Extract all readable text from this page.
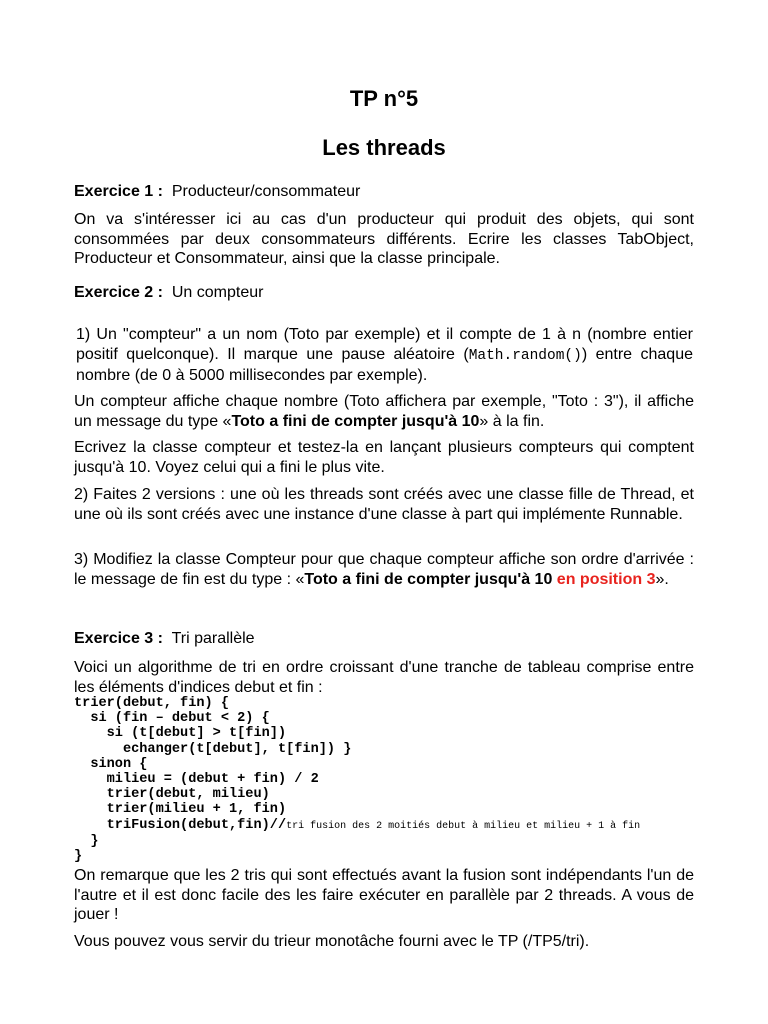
TP n°5
Les threads
Exercice 1 : Producteur/consommateur
On va s'intéresser ici au cas d'un producteur qui produit des objets, qui sont consommées par deux consommateurs différents. Ecrire les classes TabObject, Producteur et Consommateur, ainsi que la classe principale.
Exercice 2 : Un compteur
1) Un "compteur" a un nom (Toto par exemple) et il compte de 1 à n (nombre entier positif quelconque). Il marque une pause aléatoire (Math.random()) entre chaque nombre (de 0 à 5000 millisecondes par exemple).
Un compteur affiche chaque nombre (Toto affichera par exemple, "Toto : 3"), il affiche un message du type «Toto a fini de compter jusqu'à 10» à la fin.
Ecrivez la classe compteur et testez-la en lançant plusieurs compteurs qui comptent jusqu'à 10. Voyez celui qui a fini le plus vite.
2) Faites 2 versions : une où les threads sont créés avec une classe fille de Thread, et une où ils sont créés avec une instance d'une classe à part qui implémente Runnable.
3) Modifiez la classe Compteur pour que chaque compteur affiche son ordre d'arrivée : le message de fin est du type : «Toto a fini de compter jusqu'à 10 en position 3».
Exercice 3 : Tri parallèle
Voici un algorithme de tri en ordre croissant d'une tranche de tableau comprise entre les éléments d'indices debut et fin :
trier(debut, fin) {
si (fin – debut < 2) {
si (t[debut] > t[fin])
echanger(t[debut], t[fin]) }
sinon {
milieu = (debut + fin) / 2
trier(debut, milieu)
trier(milieu + 1, fin)
triFusion(debut,fin)//tri fusion des 2 moitiés debut à milieu et milieu + 1 à fin
}
}
On remarque que les 2 tris qui sont effectués avant la fusion sont indépendants l'un de l'autre et il est donc facile des les faire exécuter en parallèle par 2 threads. A vous de jouer !
Vous pouvez vous servir du trieur monotâche fourni avec le TP (/TP5/tri).
